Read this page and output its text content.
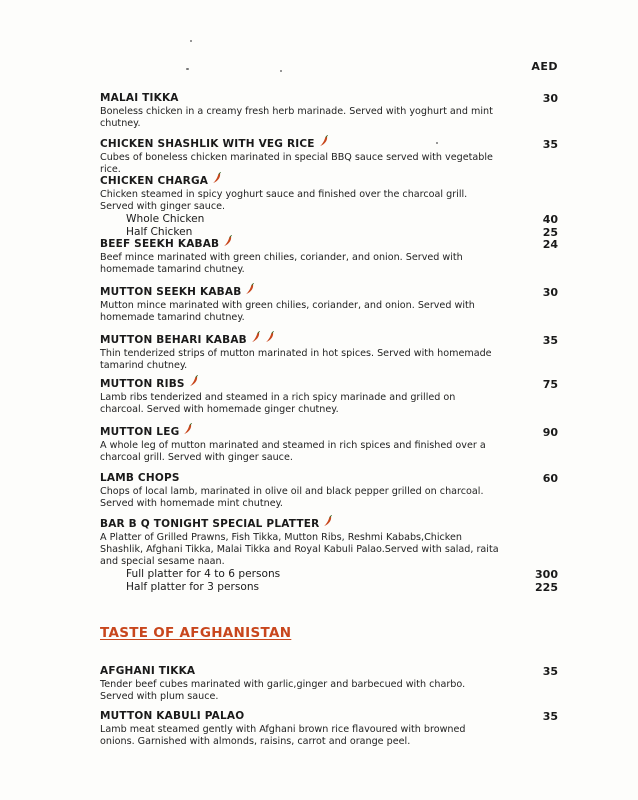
AED
TASTE OF AFGHANISTAN
MALAI TIKKA	30
Boneless chicken in a creamy fresh herb marinade. Served with yoghurt and mint chutney.
CHICKEN SHASHLIK WITH VEG RICE	35
Cubes of boneless chicken marinated in special BBQ sauce served with vegetable rice.
CHICKEN CHARGA
Chicken steamed in spicy yoghurt sauce and finished over the charcoal grill. Served with ginger sauce.
Whole Chicken	40
Half Chicken	25
BEEF SEEKH KABAB	24
Beef mince marinated with green chilies, coriander, and onion. Served with homemade tamarind chutney.
MUTTON SEEKH KABAB	30
Mutton mince marinated with green chilies, coriander, and onion. Served with homemade tamarind chutney.
MUTTON BEHARI KABAB	35
Thin tenderized strips of mutton marinated in hot spices. Served with homemade tamarind chutney.
MUTTON RIBS	75
Lamb ribs tenderized and steamed in a rich spicy marinade and grilled on charcoal. Served with homemade ginger chutney.
MUTTON LEG	90
A whole leg of mutton marinated and steamed in rich spices and finished over a charcoal grill. Served with ginger sauce.
LAMB CHOPS	60
Chops of local lamb, marinated in olive oil and black pepper grilled on charcoal. Served with homemade mint chutney.
BAR B Q TONIGHT SPECIAL PLATTER
A Platter of Grilled Prawns, Fish Tikka, Mutton Ribs, Reshmi Kababs,Chicken Shashlik, Afghani Tikka, Malai Tikka and Royal Kabuli Palao.Served with salad, raita and special sesame naan.
Full platter for 4 to 6 persons	300
Half platter for 3 persons	225
AFGHANI TIKKA	35
Tender beef cubes marinated with garlic,ginger and barbecued with charbo. Served with plum sauce.
MUTTON KABULI PALAO	35
Lamb meat steamed gently with Afghani brown rice flavoured with browned onions. Garnished with almonds, raisins, carrot and orange peel.
